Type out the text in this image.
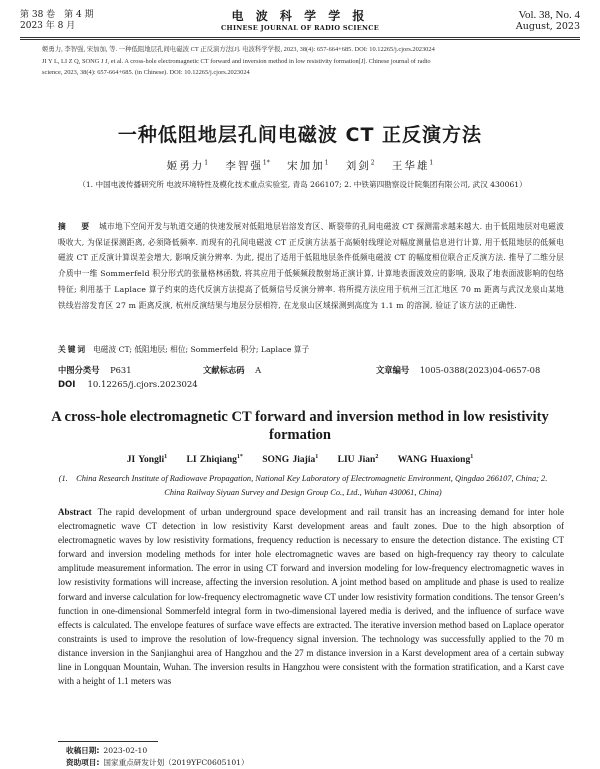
第 38 卷　第 4 期
2023 年 8 月
电 波 科 学 学 报
CHINESE JOURNAL OF RADIO SCIENCE
Vol. 38, No. 4
August, 2023
姬勇力, 李智强, 宋加加, 等. 一种低阻地层孔间电磁波 CT 正反演方法[J]. 电波科学学报, 2023, 38(4): 657-664+685. DOI: 10.12265/j.cjors.2023024
JI Y L, LI Z Q, SONG J J, et al. A cross-hole electromagnetic CT forward and inversion method in low resistivity formation[J]. Chinese journal of radio
science, 2023, 38(4): 657-664+685. (in Chinese). DOI: 10.12265/j.cjors.2023024
一种低阻地层孔间电磁波 CT 正反演方法
姬勇力$^1$ 李智强$^{1*}$ 宋加加$^1$ 刘剑$^2$ 王华雄$^1$
（1. 中国电波传播研究所 电波环境特性及模化技术重点实验室, 青岛 266107; 2. 中铁第四勘察设计院集团有限公司, 武汉 430061）
摘　要 城市地下空间开发与轨道交通的快速发展对低阻地层岩溶发育区、断裂带的孔间电磁波 CT 探测需求越来越大. 由于低阻地层对电磁波吸收大, 为保证探测距离, 必须降低频率. 而现有的孔间电磁波 CT 正反演方法基于高频射线理论对幅度测量信息进行计算, 用于低阻地层的低频电磁波 CT 正反演计算误差会增大, 影响反演分辨率. 为此, 提出了适用于低阻地层条件低频电磁波 CT 的幅度相位联合正反演方法. 推导了二维分层介质中一维 Sommerfeld 积分形式的张量格林函数, 将其应用于低频频段散射场正演计算, 计算地表面波效应的影响, 汲取了地表面波影响的包络特征; 利用基于 Laplace 算子约束的迭代反演方法提高了低频信号反演分辨率. 将所提方法应用于杭州三江汇地区 70 m 距离与武汉龙泉山某地铁线岩溶发育区 27 m 距离反演, 杭州反演结果与地层分层相符, 在龙泉山区域探测到高度为 1.1 m 的溶洞, 验证了该方法的正确性.
关键词 电磁波 CT; 低阻地层; 相位; Sommerfeld 积分; Laplace 算子
中图分类号 P631	文献标志码 A	文章编号 1005-0388(2023)04-0657-08
DOI 10.12265/j.cjors.2023024
A cross-hole electromagnetic CT forward and inversion method in low resistivity formation
JI Yongli$^1$ LI Zhiqiang$^{1*}$ SONG Jiajia$^1$ LIU Jian$^2$ WANG Huaxiong$^1$
(1.　China Research Institute of Radiowave Propagation, National Key Laboratory of Electromagnetic Environment, Qingdao 266107, China; 2.　China Railway Siyuan Survey and Design Group Co., Ltd., Wuhan 430061, China)
Abstract The rapid development of urban underground space development and rail transit has an increasing demand for inter hole electromagnetic wave CT detection in low resistivity Karst development areas and fault zones. Due to the high absorption of electromagnetic waves by low resistivity formations, frequency reduction is necessary to ensure the detection distance. The existing CT forward and inversion modeling methods for inter hole electromagnetic waves are based on high-frequency ray theory to calculate amplitude measurement information. The error in using CT forward and inversion modeling for low-frequency electromagnetic waves in low resistivity formations will increase, affecting the inversion resolution. A joint method based on amplitude and phase is used to realize forward and inverse calculation for low-frequency electromagnetic wave CT under low resistivity formation conditions. The tensor Green’s function in one-dimensional Sommerfeld integral form in two-dimensional layered media is derived, and the influence of surface wave effects is calculated. The envelope features of surface wave effects are extracted. The iterative inversion method based on Laplace operator constraints is used to improve the resolution of low-frequency signal inversion. The technology was successfully applied to the 70 m distance inversion in the Sanjianghui area of Hangzhou and the 27 m distance inversion in a Karst development area of a certain subway line in Longquan Mountain, Wuhan. The inversion results in Hangzhou were consistent with the formation stratification, and a Karst cave with a height of 1.1 meters was
收稿日期: 2023-02-10
资助项目: 国家重点研发计划（2019YFC0605101）
